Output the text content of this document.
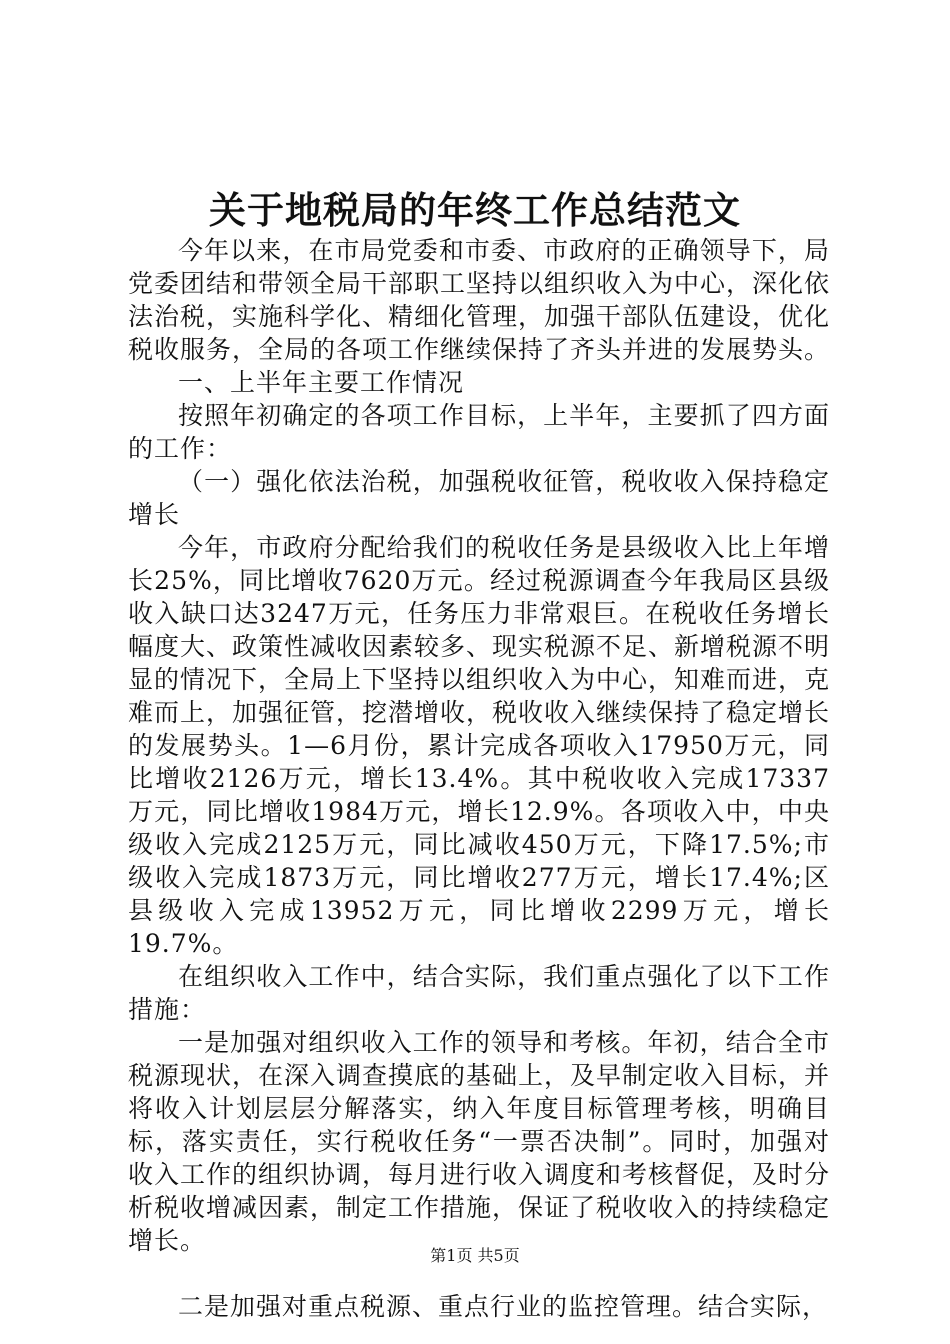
关于地税局的年终工作总结范文

今年以来，在市局党委和市委、市政府的正确领导下，局党委团结和带领全局干部职工坚持以组织收入为中心，深化依法治税，实施科学化、精细化管理，加强干部队伍建设，优化税收服务，全局的各项工作继续保持了齐头并进的发展势头。

一、上半年主要工作情况

按照年初确定的各项工作目标，上半年，主要抓了四方面的工作：

（一）强化依法治税，加强税收征管，税收收入保持稳定增长

今年，市政府分配给我们的税收任务是县级收入比上年增长25%，同比增收7620万元。经过税源调查今年我局区县级收入缺口达3247万元，任务压力非常艰巨。在税收任务增长幅度大、政策性减收因素较多、现实税源不足、新增税源不明显的情况下，全局上下坚持以组织收入为中心，知难而进，克难而上，加强征管，挖潜增收，税收收入继续保持了稳定增长的发展势头。1—6月份，累计完成各项收入17950万元，同比增收2126万元，增长13.4%。其中税收收入完成17337万元，同比增收1984万元，增长12.9%。各项收入中，中央级收入完成2125万元，同比减收450万元，下降17.5%;市级收入完成1873万元，同比增收277万元，增长17.4%;区县级收入完成13952万元，同比增收2299万元，增长19.7%。

在组织收入工作中，结合实际，我们重点强化了以下工作措施：

一是加强对组织收入工作的领导和考核。年初，结合全市税源现状，在深入调查摸底的基础上，及早制定收入目标，并将收入计划层层分解落实，纳入年度目标管理考核，明确目标，落实责任，实行税收任务“一票否决制”。同时，加强对收入工作的组织协调，每月进行收入调度和考核督促，及时分析税收增减因素，制定工作措施，保证了税收收入的持续稳定增长。

二是加强对重点税源、重点行业的监控管理。结合实际，

第1页 共5页
